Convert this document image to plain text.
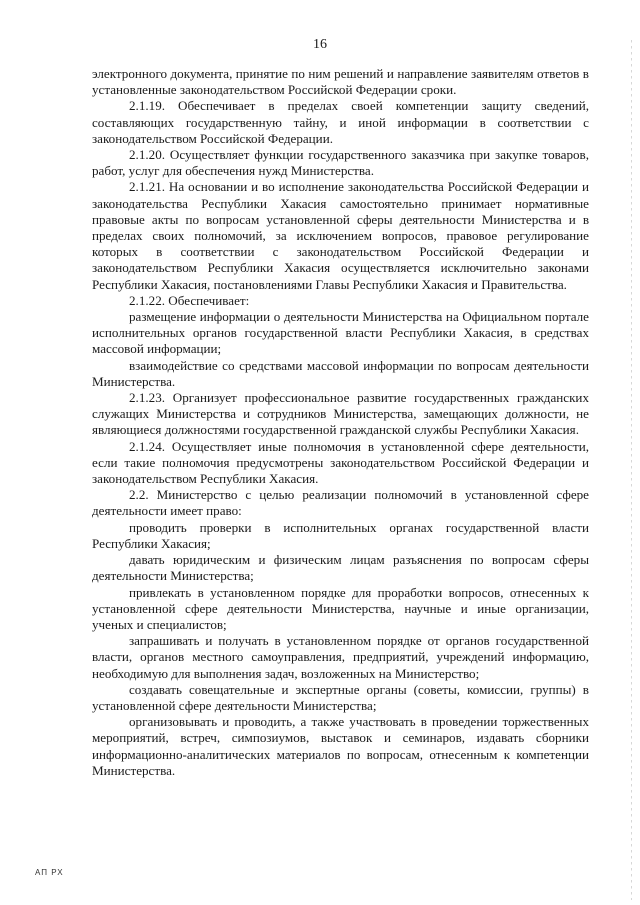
16

электронного документа, принятие по ним решений и направление заявителям ответов в установленные законодательством Российской Федерации сроки.

2.1.19. Обеспечивает в пределах своей компетенции защиту сведений, составляющих государственную тайну, и иной информации в соответствии с законодательством Российской Федерации.

2.1.20. Осуществляет функции государственного заказчика при закупке товаров, работ, услуг для обеспечения нужд Министерства.

2.1.21. На основании и во исполнение законодательства Российской Федерации и законодательства Республики Хакасия самостоятельно принимает нормативные правовые акты по вопросам установленной сферы деятельности Министерства и в пределах своих полномочий, за исключением вопросов, правовое регулирование которых в соответствии с законодательством Российской Федерации и законодательством Республики Хакасия осуществляется исключительно законами Республики Хакасия, постановлениями Главы Республики Хакасия и Правительства.

2.1.22. Обеспечивает:

размещение информации о деятельности Министерства на Официальном портале исполнительных органов государственной власти Республики Хакасия, в средствах массовой информации;

взаимодействие со средствами массовой информации по вопросам деятельности Министерства.

2.1.23. Организует профессиональное развитие государственных гражданских служащих Министерства и сотрудников Министерства, замещающих должности, не являющиеся должностями государственной гражданской службы Республики Хакасия.

2.1.24. Осуществляет иные полномочия в установленной сфере деятельности, если такие полномочия предусмотрены законодательством Российской Федерации и законодательством Республики Хакасия.

2.2. Министерство с целью реализации полномочий в установленной сфере деятельности имеет право:

проводить проверки в исполнительных органах государственной власти Республики Хакасия;

давать юридическим и физическим лицам разъяснения по вопросам сферы деятельности Министерства;

привлекать в установленном порядке для проработки вопросов, отнесенных к установленной сфере деятельности Министерства, научные и иные организации, ученых и специалистов;

запрашивать и получать в установленном порядке от органов государственной власти, органов местного самоуправления, предприятий, учреждений информацию, необходимую для выполнения задач, возложенных на Министерство;

создавать совещательные и экспертные органы (советы, комиссии, группы) в установленной сфере деятельности Министерства;

организовывать и проводить, а также участвовать в проведении торжественных мероприятий, встреч, симпозиумов, выставок и семинаров, издавать сборники информационно-аналитических материалов по вопросам, отнесенным к компетенции Министерства.

АП РХ
